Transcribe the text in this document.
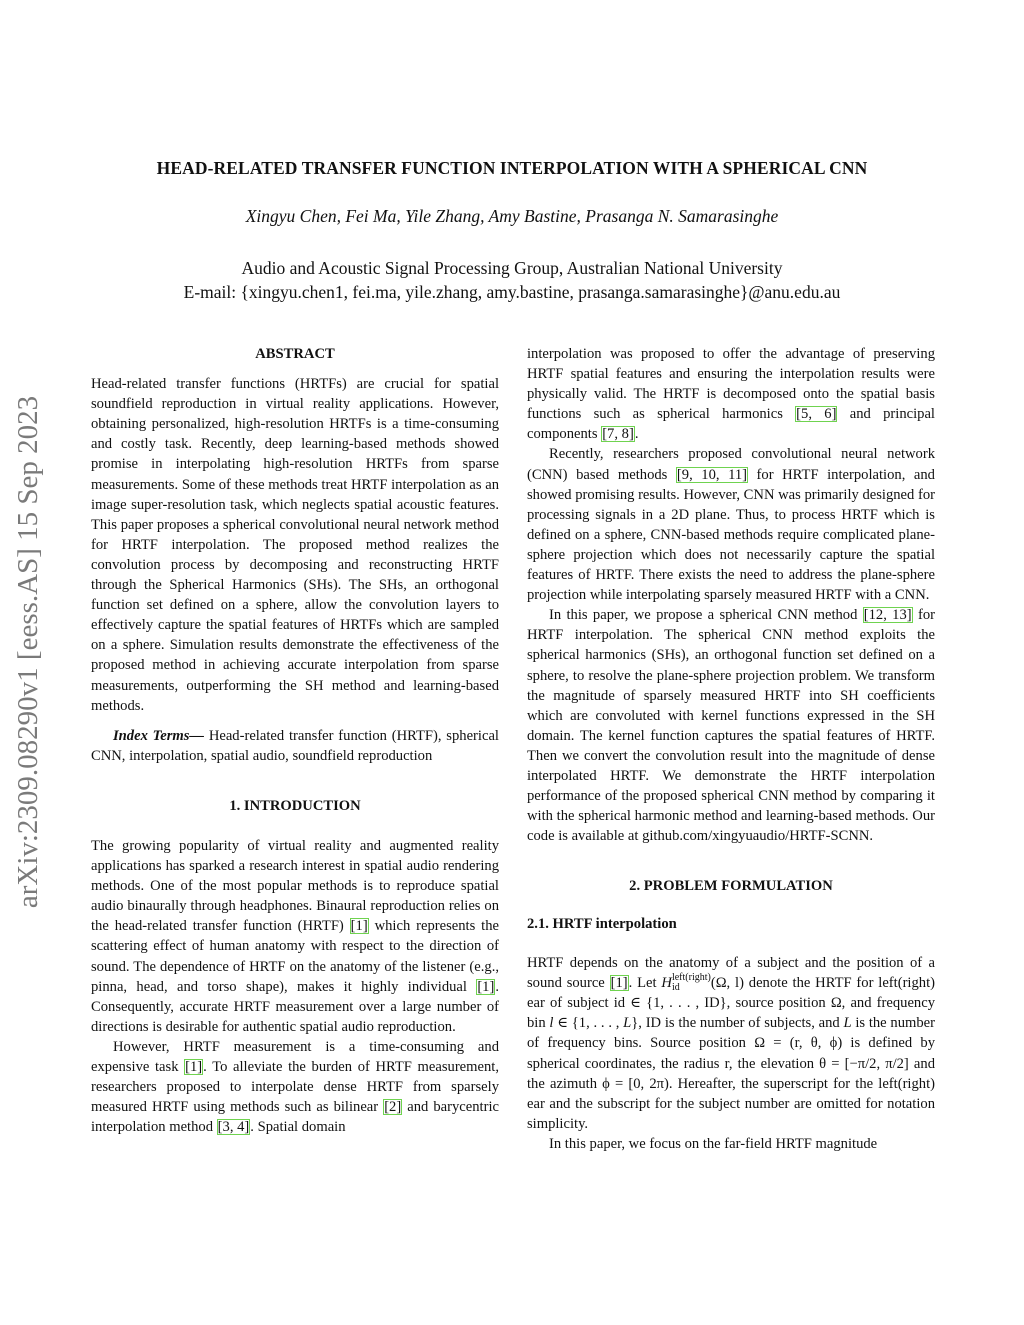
HEAD-RELATED TRANSFER FUNCTION INTERPOLATION WITH A SPHERICAL CNN
Xingyu Chen, Fei Ma, Yile Zhang, Amy Bastine, Prasanga N. Samarasinghe
Audio and Acoustic Signal Processing Group, Australian National University
E-mail: {xingyu.chen1, fei.ma, yile.zhang, amy.bastine, prasanga.samarasinghe}@anu.edu.au
arXiv:2309.08290v1 [eess.AS] 15 Sep 2023
ABSTRACT

Head-related transfer functions (HRTFs) are crucial for spatial soundfield reproduction in virtual reality applications. However, obtaining personalized, high-resolution HRTFs is a time-consuming and costly task. Recently, deep learning-based methods showed promise in interpolating high-resolution HRTFs from sparse measurements. Some of these methods treat HRTF interpolation as an image super-resolution task, which neglects spatial acoustic features. This paper proposes a spherical convolutional neural network method for HRTF interpolation. The proposed method realizes the convolution process by decomposing and reconstructing HRTF through the Spherical Harmonics (SHs). The SHs, an orthogonal function set defined on a sphere, allow the convolution layers to effectively capture the spatial features of HRTFs which are sampled on a sphere. Simulation results demonstrate the effectiveness of the proposed method in achieving accurate interpolation from sparse measurements, outperforming the SH method and learning-based methods.

Index Terms— Head-related transfer function (HRTF), spherical CNN, interpolation, spatial audio, soundfield reproduction

1. INTRODUCTION

The growing popularity of virtual reality and augmented reality applications has sparked a research interest in spatial audio rendering methods. One of the most popular methods is to reproduce spatial audio binaurally through headphones. Binaural reproduction relies on the head-related transfer function (HRTF) [1] which represents the scattering effect of human anatomy with respect to the direction of sound. The dependence of HRTF on the anatomy of the listener (e.g., pinna, head, and torso shape), makes it highly individual [1]. Consequently, accurate HRTF measurement over a large number of directions is desirable for authentic spatial audio reproduction.

However, HRTF measurement is a time-consuming and expensive task [1]. To alleviate the burden of HRTF measurement, researchers proposed to interpolate dense HRTF from sparsely measured HRTF using methods such as bilinear [2] and barycentric interpolation method [3, 4]. Spatial domain

interpolation was proposed to offer the advantage of preserving HRTF spatial features and ensuring the interpolation results were physically valid. The HRTF is decomposed onto the spatial basis functions such as spherical harmonics [5, 6] and principal components [7, 8].

Recently, researchers proposed convolutional neural network (CNN) based methods [9, 10, 11] for HRTF interpolation, and showed promising results. However, CNN was primarily designed for processing signals in a 2D plane. Thus, to process HRTF which is defined on a sphere, CNN-based methods require complicated plane-sphere projection which does not necessarily capture the spatial features of HRTF. There exists the need to address the plane-sphere projection while interpolating sparsely measured HRTF with a CNN.

In this paper, we propose a spherical CNN method [12, 13] for HRTF interpolation. The spherical CNN method exploits the spherical harmonics (SHs), an orthogonal function set defined on a sphere, to resolve the plane-sphere projection problem. We transform the magnitude of sparsely measured HRTF into SH coefficients which are convoluted with kernel functions expressed in the SH domain. The kernel function captures the spatial features of HRTF. Then we convert the convolution result into the magnitude of dense interpolated HRTF. We demonstrate the HRTF interpolation performance of the proposed spherical CNN method by comparing it with the spherical harmonic method and learning-based methods. Our code is available at github.com/xingyuaudio/HRTF-SCNN.

2. PROBLEM FORMULATION
2.1. HRTF interpolation

HRTF depends on the anatomy of a subject and the position of a sound source [1]. Let H left(right)
id	(Ω, l) denote the HRTF for left(right) ear of subject id ∈ {1, . . . , ID}, source position Ω, and frequency bin l ∈ {1, . . . , L}, ID is the number of subjects, and L is the number of frequency bins. Source position Ω = (r, θ, ϕ) is defined by spherical coordinates, the radius r, the elevation θ = [−π/2, π/2] and the azimuth ϕ = [0, 2π). Hereafter, the superscript for the left(right) ear and the subscript for the subject number are omitted for notation simplicity.

In this paper, we focus on the far-field HRTF magnitude
